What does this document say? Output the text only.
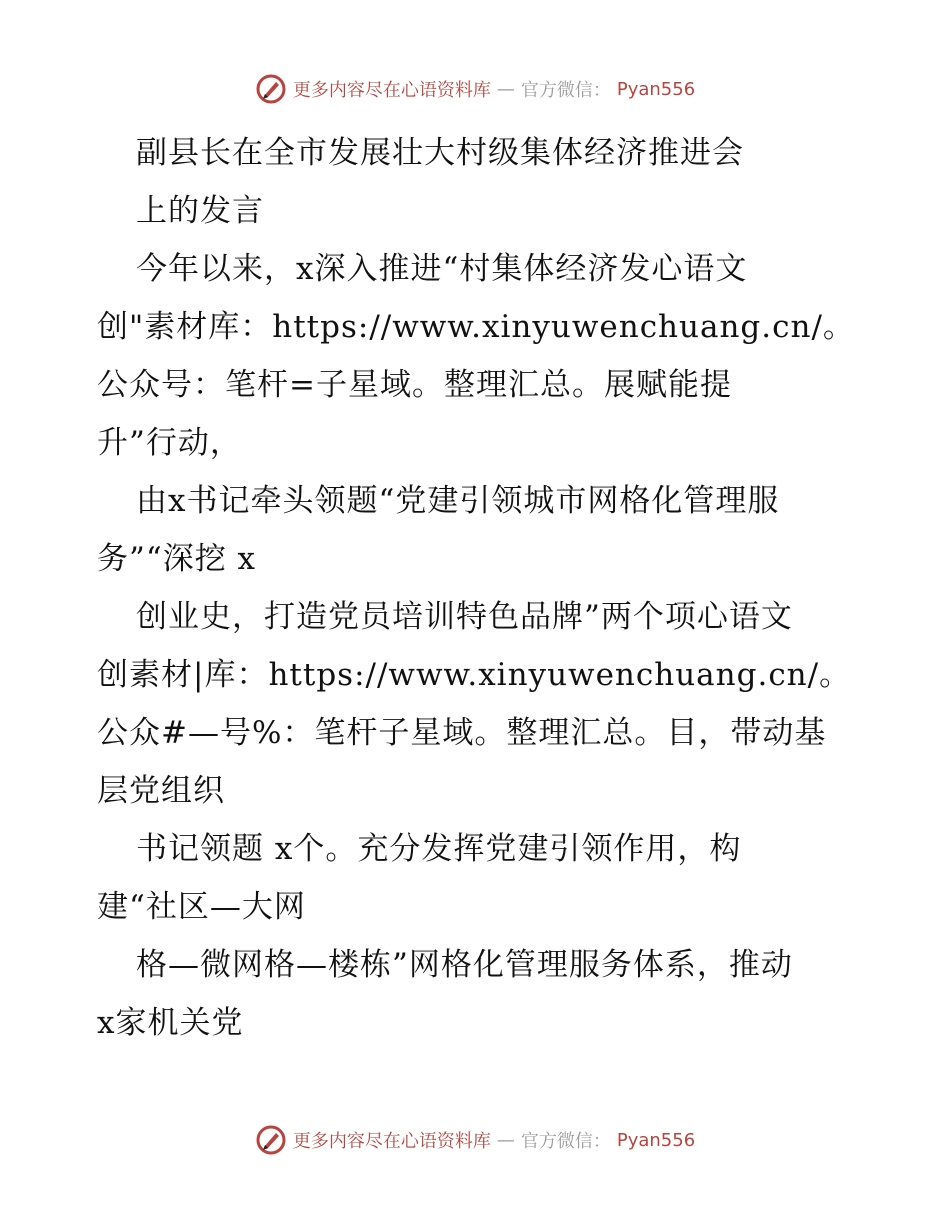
更多内容尽在心语资料库 — 官方微信： Pyan556
副县长在全市发展壮大村级集体经济推进会
上的发言
今年以来，x深入推进“村集体经济发心语文
创"素材库：https://www.xinyuwenchuang.cn/。
公众号：笔杆=子星域。整理汇总。展赋能提
升”行动，
由x书记牵头领题“党建引领城市网格化管理服
务”“深挖 x
创业史，打造党员培训特色品牌”两个项心语文
创素材|库：https://www.xinyuwenchuang.cn/。
公众#—号%：笔杆子星域。整理汇总。目，带动基
层党组织
书记领题 x个。充分发挥党建引领作用，构
建“社区—大网
格—微网格—楼栋”网格化管理服务体系，推动
x家机关党
更多内容尽在心语资料库 — 官方微信： Pyan556
